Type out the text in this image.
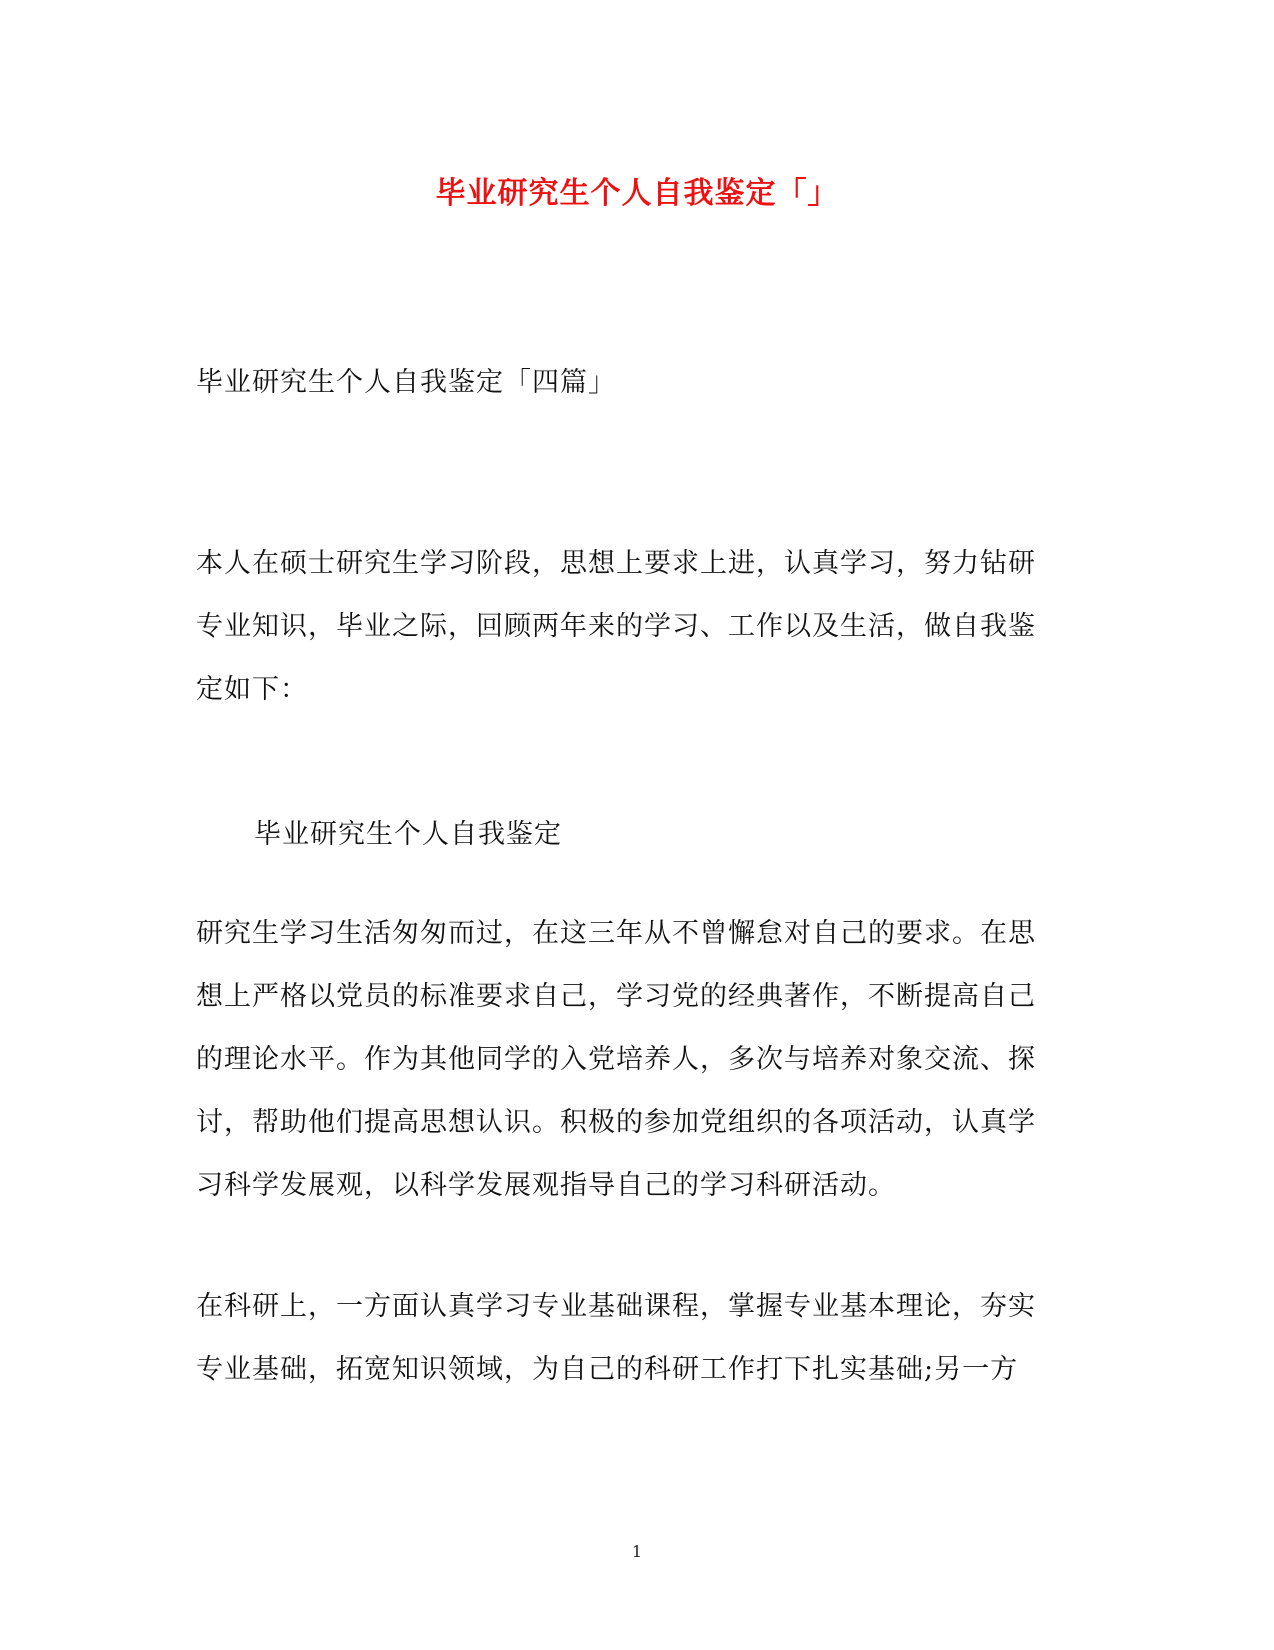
毕业研究生个人自我鉴定「」
毕业研究生个人自我鉴定「四篇」
本人在硕士研究生学习阶段，思想上要求上进，认真学习，努力钻研
专业知识，毕业之际，回顾两年来的学习、工作以及生活，做自我鉴
定如下：
毕业研究生个人自我鉴定
研究生学习生活匆匆而过，在这三年从不曾懈怠对自己的要求。在思
想上严格以党员的标准要求自己，学习党的经典著作，不断提高自己
的理论水平。作为其他同学的入党培养人，多次与培养对象交流、探
讨，帮助他们提高思想认识。积极的参加党组织的各项活动，认真学
习科学发展观，以科学发展观指导自己的学习科研活动。
在科研上，一方面认真学习专业基础课程，掌握专业基本理论，夯实
专业基础，拓宽知识领域，为自己的科研工作打下扎实基础;另一方
1
